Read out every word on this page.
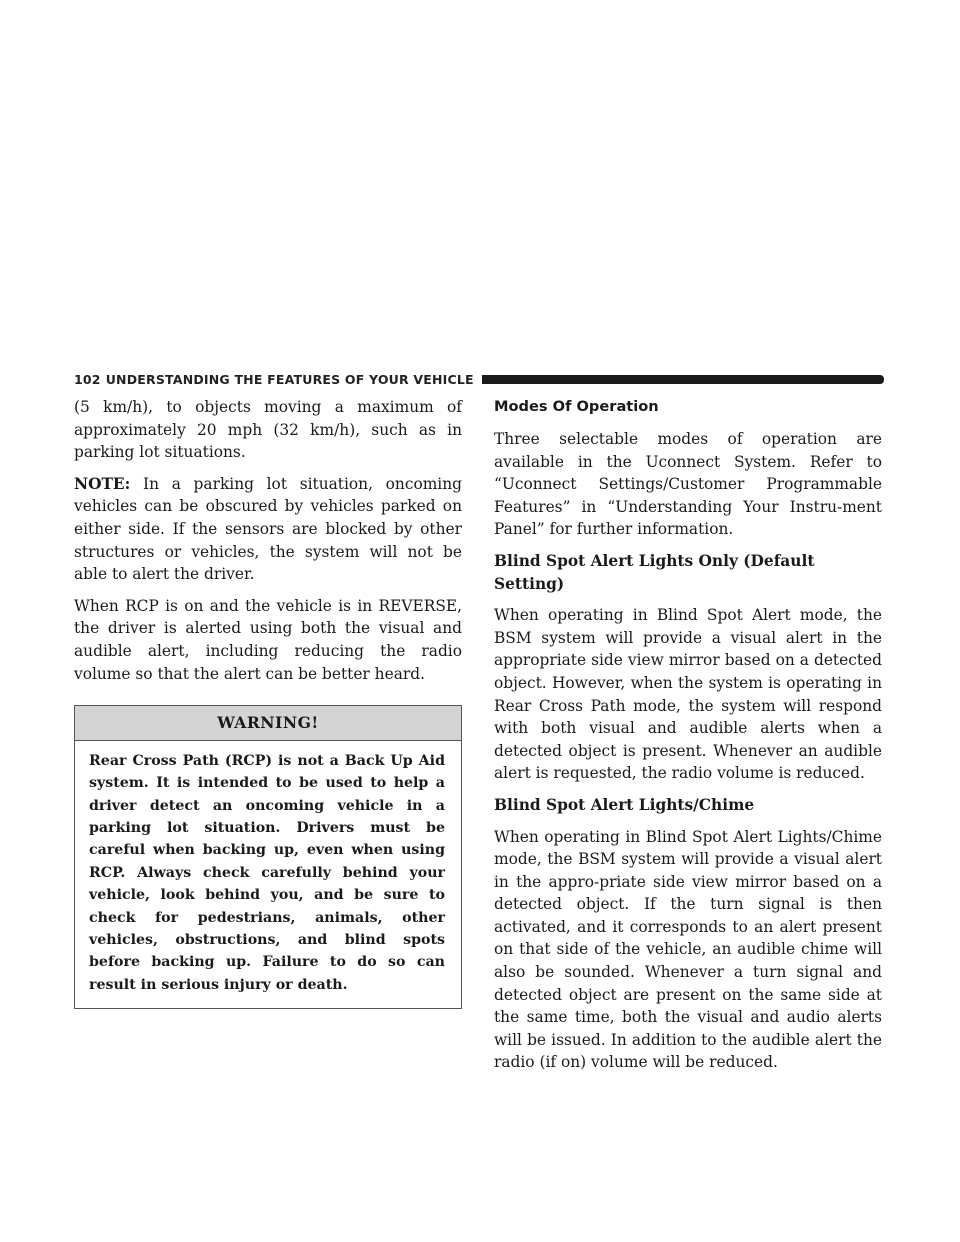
102 UNDERSTANDING THE FEATURES OF YOUR VEHICLE

(5 km/h), to objects moving a maximum of approximately 20 mph (32 km/h), such as in parking lot situations.

NOTE: In a parking lot situation, oncoming vehicles can be obscured by vehicles parked on either side. If the sensors are blocked by other structures or vehicles, the system will not be able to alert the driver.

When RCP is on and the vehicle is in REVERSE, the driver is alerted using both the visual and audible alert, including reducing the radio volume so that the alert can be better heard.

WARNING!
Rear Cross Path (RCP) is not a Back Up Aid system. It is intended to be used to help a driver detect an oncoming vehicle in a parking lot situation. Drivers must be careful when backing up, even when using RCP. Always check carefully behind your vehicle, look behind you, and be sure to check for pedestrians, animals, other vehicles, obstructions, and blind spots before backing up. Failure to do so can result in serious injury or death.
Modes Of Operation

Three selectable modes of operation are available in the Uconnect System. Refer to “Uconnect Settings/Customer Programmable Features” in “Understanding Your Instru-ment Panel” for further information.

Blind Spot Alert Lights Only (Default Setting)

When operating in Blind Spot Alert mode, the BSM system will provide a visual alert in the appropriate side view mirror based on a detected object. However, when the system is operating in Rear Cross Path mode, the system will respond with both visual and audible alerts when a detected object is present. Whenever an audible alert is requested, the radio volume is reduced.

Blind Spot Alert Lights/Chime

When operating in Blind Spot Alert Lights/Chime mode, the BSM system will provide a visual alert in the appro-priate side view mirror based on a detected object. If the turn signal is then activated, and it corresponds to an alert present on that side of the vehicle, an audible chime will also be sounded. Whenever a turn signal and detected object are present on the same side at the same time, both the visual and audio alerts will be issued. In addition to the audible alert the radio (if on) volume will be reduced.
